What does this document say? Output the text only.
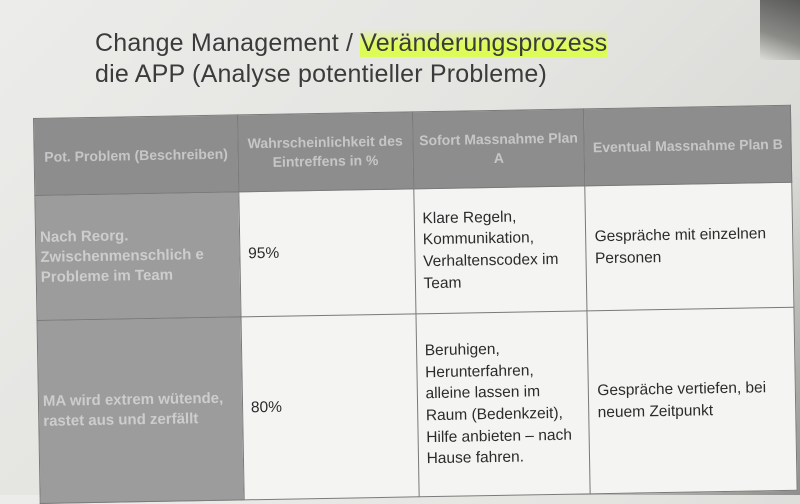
Change Management / Veränderungsprozess
die APP (Analyse potentieller Probleme)
Pot. Problem (Beschreiben)	Wahrscheinlichkeit des Eintreffens in %	Sofort Massnahme Plan A	Eventual Massnahme Plan B
Nach Reorg. Zwischenmenschlich e Probleme im Team	95%	Klare Regeln, Kommunikation, Verhaltenscodex im Team	Gespräche mit einzelnen Personen
MA wird extrem wütende, rastet aus und zerfällt	80%	Beruhigen, Herunterfahren, alleine lassen im Raum (Bedenkzeit), Hilfe anbieten – nach Hause fahren.	Gespräche vertiefen, bei neuem Zeitpunkt
